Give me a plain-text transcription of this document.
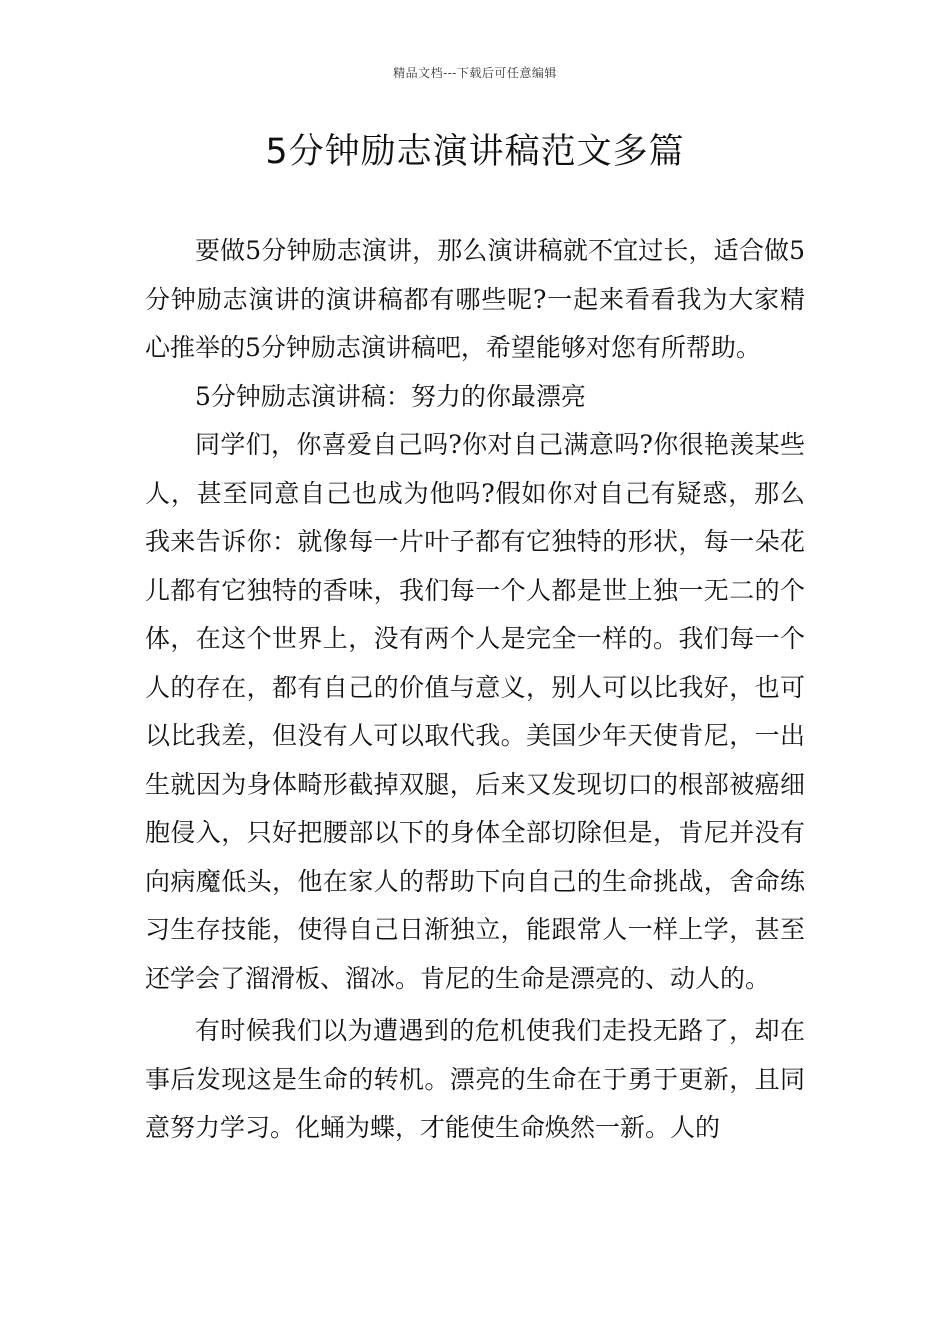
精品文档---下载后可任意编辑
5分钟励志演讲稿范文多篇

要做5分钟励志演讲，那么演讲稿就不宜过长，适合做5分钟励志演讲的演讲稿都有哪些呢?一起来看看我为大家精心推举的5分钟励志演讲稿吧，希望能够对您有所帮助。

5分钟励志演讲稿：努力的你最漂亮

同学们，你喜爱自己吗?你对自己满意吗?你很艳羡某些人，甚至同意自己也成为他吗?假如你对自己有疑惑，那么我来告诉你：就像每一片叶子都有它独特的形状，每一朵花儿都有它独特的香味，我们每一个人都是世上独一无二的个体，在这个世界上，没有两个人是完全一样的。我们每一个人的存在，都有自己的价值与意义，别人可以比我好，也可以比我差，但没有人可以取代我。美国少年天使肯尼，一出生就因为身体畸形截掉双腿，后来又发现切口的根部被癌细胞侵入，只好把腰部以下的身体全部切除但是，肯尼并没有向病魔低头，他在家人的帮助下向自己的生命挑战，舍命练习生存技能，使得自己日渐独立，能跟常人一样上学，甚至还学会了溜滑板、溜冰。肯尼的生命是漂亮的、动人的。

有时候我们以为遭遇到的危机使我们走投无路了，却在事后发现这是生命的转机。漂亮的生命在于勇于更新，且同意努力学习。化蛹为蝶，才能使生命焕然一新。人的
